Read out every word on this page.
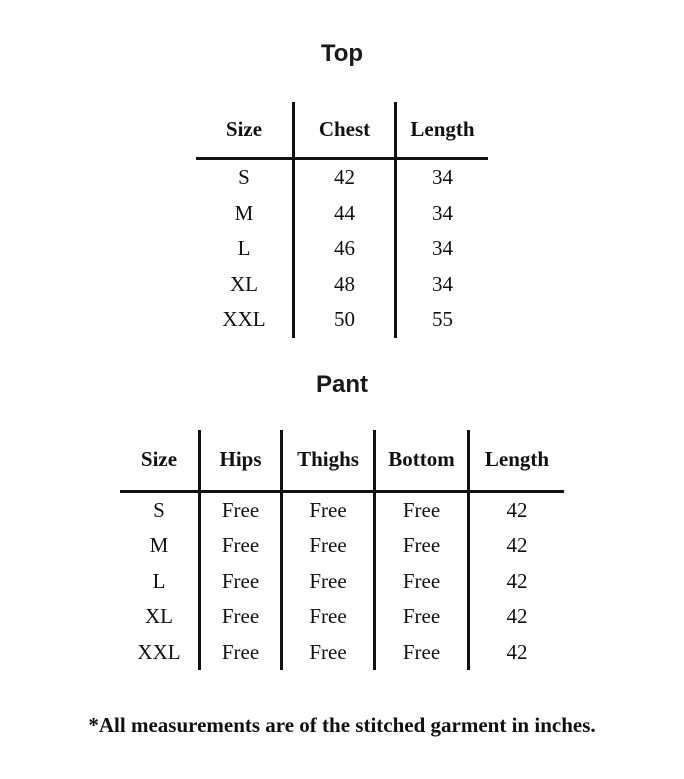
Top
Size	Chest	Length
S	42	34
M	44	34
L	46	34
XL	48	34
XXL	50	55
Pant
Size	Hips	Thighs	Bottom	Length
S	Free	Free	Free	42
M	Free	Free	Free	42
L	Free	Free	Free	42
XL	Free	Free	Free	42
XXL	Free	Free	Free	42
*All measurements are of the stitched garment in inches.
